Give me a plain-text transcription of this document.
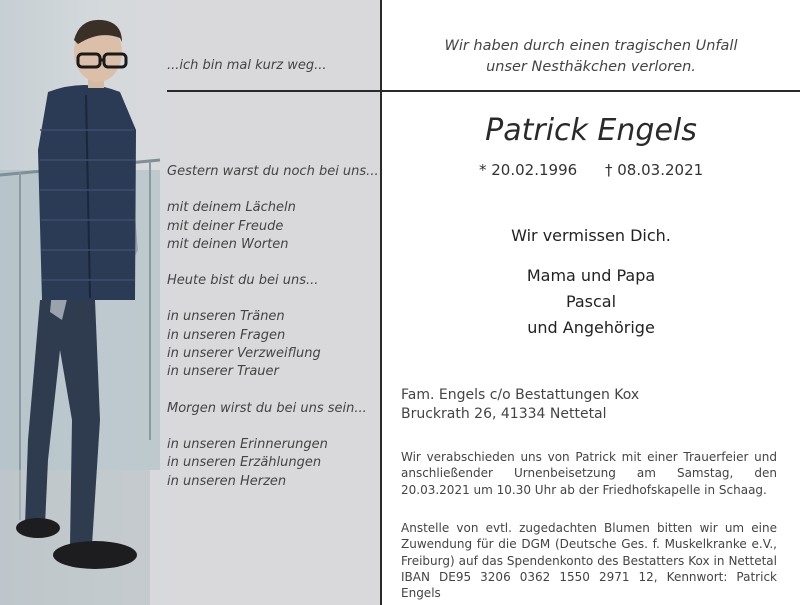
...ich bin mal kurz weg...
Gestern warst du noch bei uns...
mit deinem Lächeln
mit deiner Freude
mit deinen Worten
Heute bist du bei uns...
in unseren Tränen
in unseren Fragen
in unserer Verzweiflung
in unserer Trauer
Morgen wirst du bei uns sein...
in unseren Erinnerungen
in unseren Erzählungen
in unseren Herzen
Wir haben durch einen tragischen Unfall
unser Nesthäkchen verloren.
Patrick Engels
* 20.02.1996 † 08.03.2021
Wir vermissen Dich.
Mama und Papa
Pascal
und Angehörige
Fam. Engels c/o Bestattungen Kox
Bruckrath 26, 41334 Nettetal
Wir verabschieden uns von Patrick mit einer Trauerfeier und anschließender Urnenbeisetzung am Samstag, den 20.03.2021 um 10.30 Uhr ab der Friedhofskapelle in Schaag.
Anstelle von evtl. zugedachten Blumen bitten wir um eine Zuwendung für die DGM (Deutsche Ges. f. Muskelkranke e.V., Freiburg) auf das Spendenkonto des Bestatters Kox in Nettetal IBAN DE95 3206 0362 1550 2971 12, Kennwort: Patrick Engels
